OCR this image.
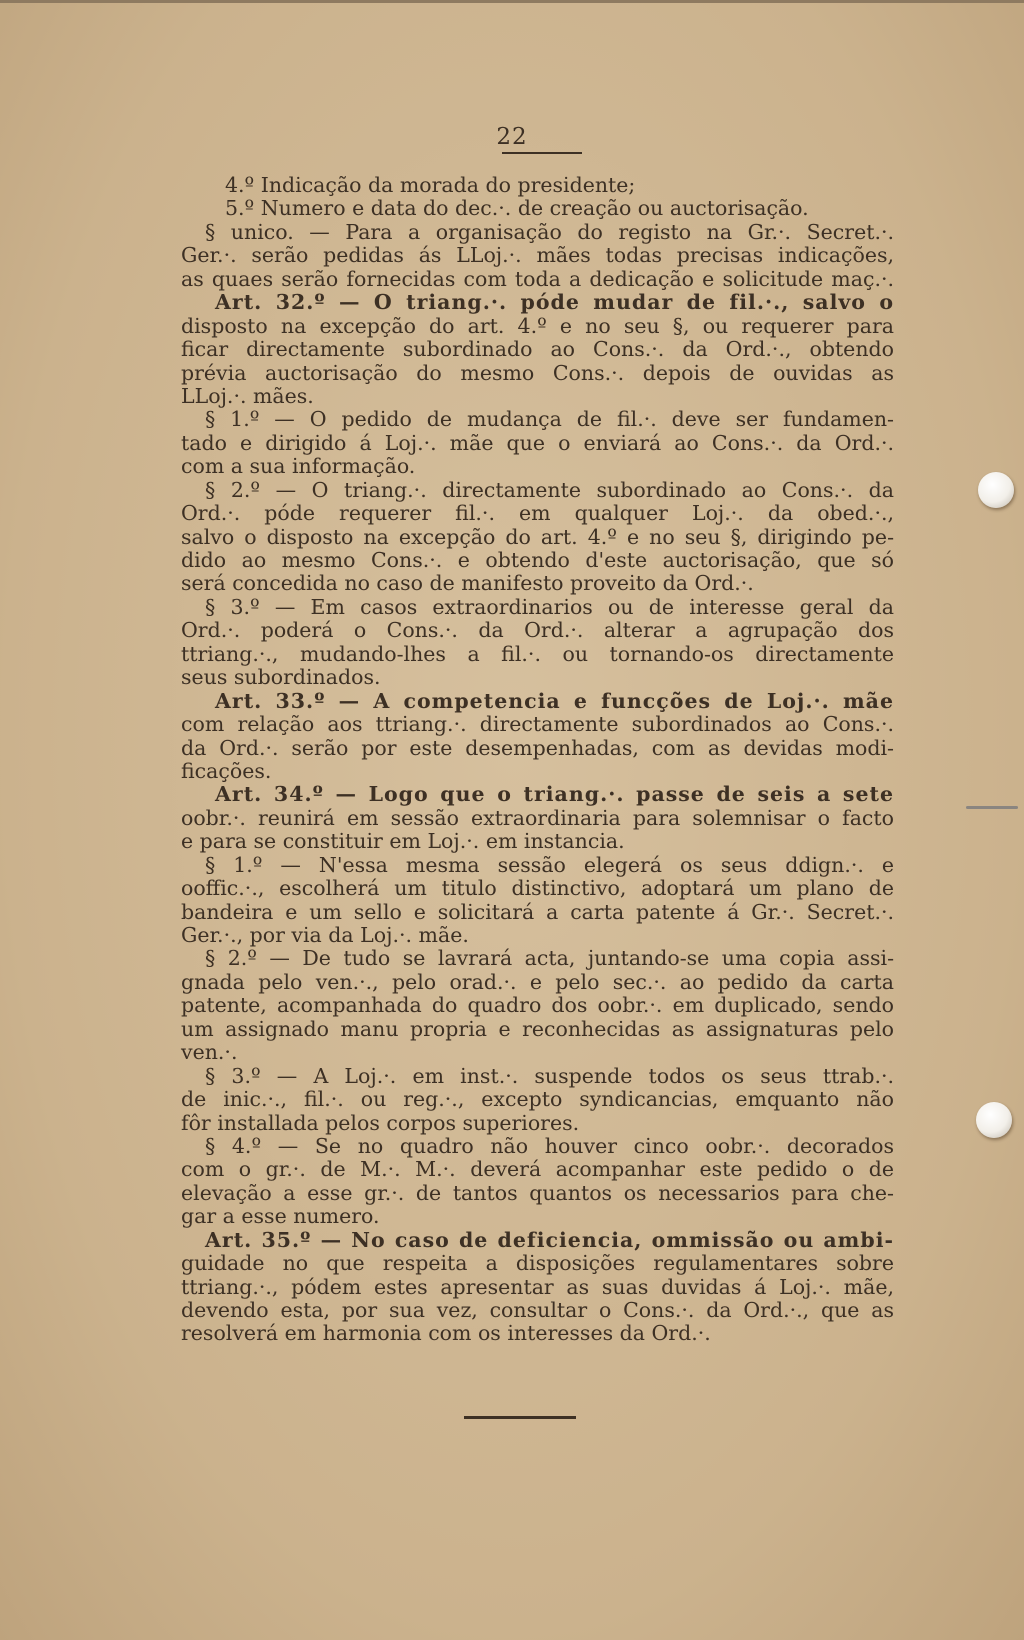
22
4.º Indicação da morada do presidente;
5.º Numero e data do dec.·. de creação ou auctorisação.
§ unico. — Para a organisação do registo na Gr.·. Secret.·.
Ger.·. serão pedidas ás LLoj.·. mães todas precisas indicações,
as quaes serão fornecidas com toda a dedicação e solicitude maç.·.
Art. 32.º — O triang.·. póde mudar de fil.·., salvo o
disposto na excepção do art. 4.º e no seu §, ou requerer para
ficar directamente subordinado ao Cons.·. da Ord.·., obtendo
prévia auctorisação do mesmo Cons.·. depois de ouvidas as
LLoj.·. mães.
§ 1.º — O pedido de mudança de fil.·. deve ser fundamen-
tado e dirigido á Loj.·. mãe que o enviará ao Cons.·. da Ord.·.
com a sua informação.
§ 2.º — O triang.·. directamente subordinado ao Cons.·. da
Ord.·. póde requerer fil.·. em qualquer Loj.·. da obed.·.,
salvo o disposto na excepção do art. 4.º e no seu §, dirigindo pe-
dido ao mesmo Cons.·. e obtendo d'este auctorisação, que só
será concedida no caso de manifesto proveito da Ord.·.
§ 3.º — Em casos extraordinarios ou de interesse geral da
Ord.·. poderá o Cons.·. da Ord.·. alterar a agrupação dos
ttriang.·., mudando-lhes a fil.·. ou tornando-os directamente
seus subordinados.
Art. 33.º — A competencia e funcções de Loj.·. mãe
com relação aos ttriang.·. directamente subordinados ao Cons.·.
da Ord.·. serão por este desempenhadas, com as devidas modi-
ficações.
Art. 34.º — Logo que o triang.·. passe de seis a sete
oobr.·. reunirá em sessão extraordinaria para solemnisar o facto
e para se constituir em Loj.·. em instancia.
§ 1.º — N'essa mesma sessão elegerá os seus ddign.·. e
ooffic.·., escolherá um titulo distinctivo, adoptará um plano de
bandeira e um sello e solicitará a carta patente á Gr.·. Secret.·.
Ger.·., por via da Loj.·. mãe.
§ 2.º — De tudo se lavrará acta, juntando-se uma copia assi-
gnada pelo ven.·., pelo orad.·. e pelo sec.·. ao pedido da carta
patente, acompanhada do quadro dos oobr.·. em duplicado, sendo
um assignado manu propria e reconhecidas as assignaturas pelo
ven.·.
§ 3.º — A Loj.·. em inst.·. suspende todos os seus ttrab.·.
de inic.·., fil.·. ou reg.·., excepto syndicancias, emquanto não
fôr installada pelos corpos superiores.
§ 4.º — Se no quadro não houver cinco oobr.·. decorados
com o gr.·. de M.·. M.·. deverá acompanhar este pedido o de
elevação a esse gr.·. de tantos quantos os necessarios para che-
gar a esse numero.
Art. 35.º — No caso de deficiencia, ommissão ou ambi-
guidade no que respeita a disposições regulamentares sobre
ttriang.·., pódem estes apresentar as suas duvidas á Loj.·. mãe,
devendo esta, por sua vez, consultar o Cons.·. da Ord.·., que as
resolverá em harmonia com os interesses da Ord.·.
